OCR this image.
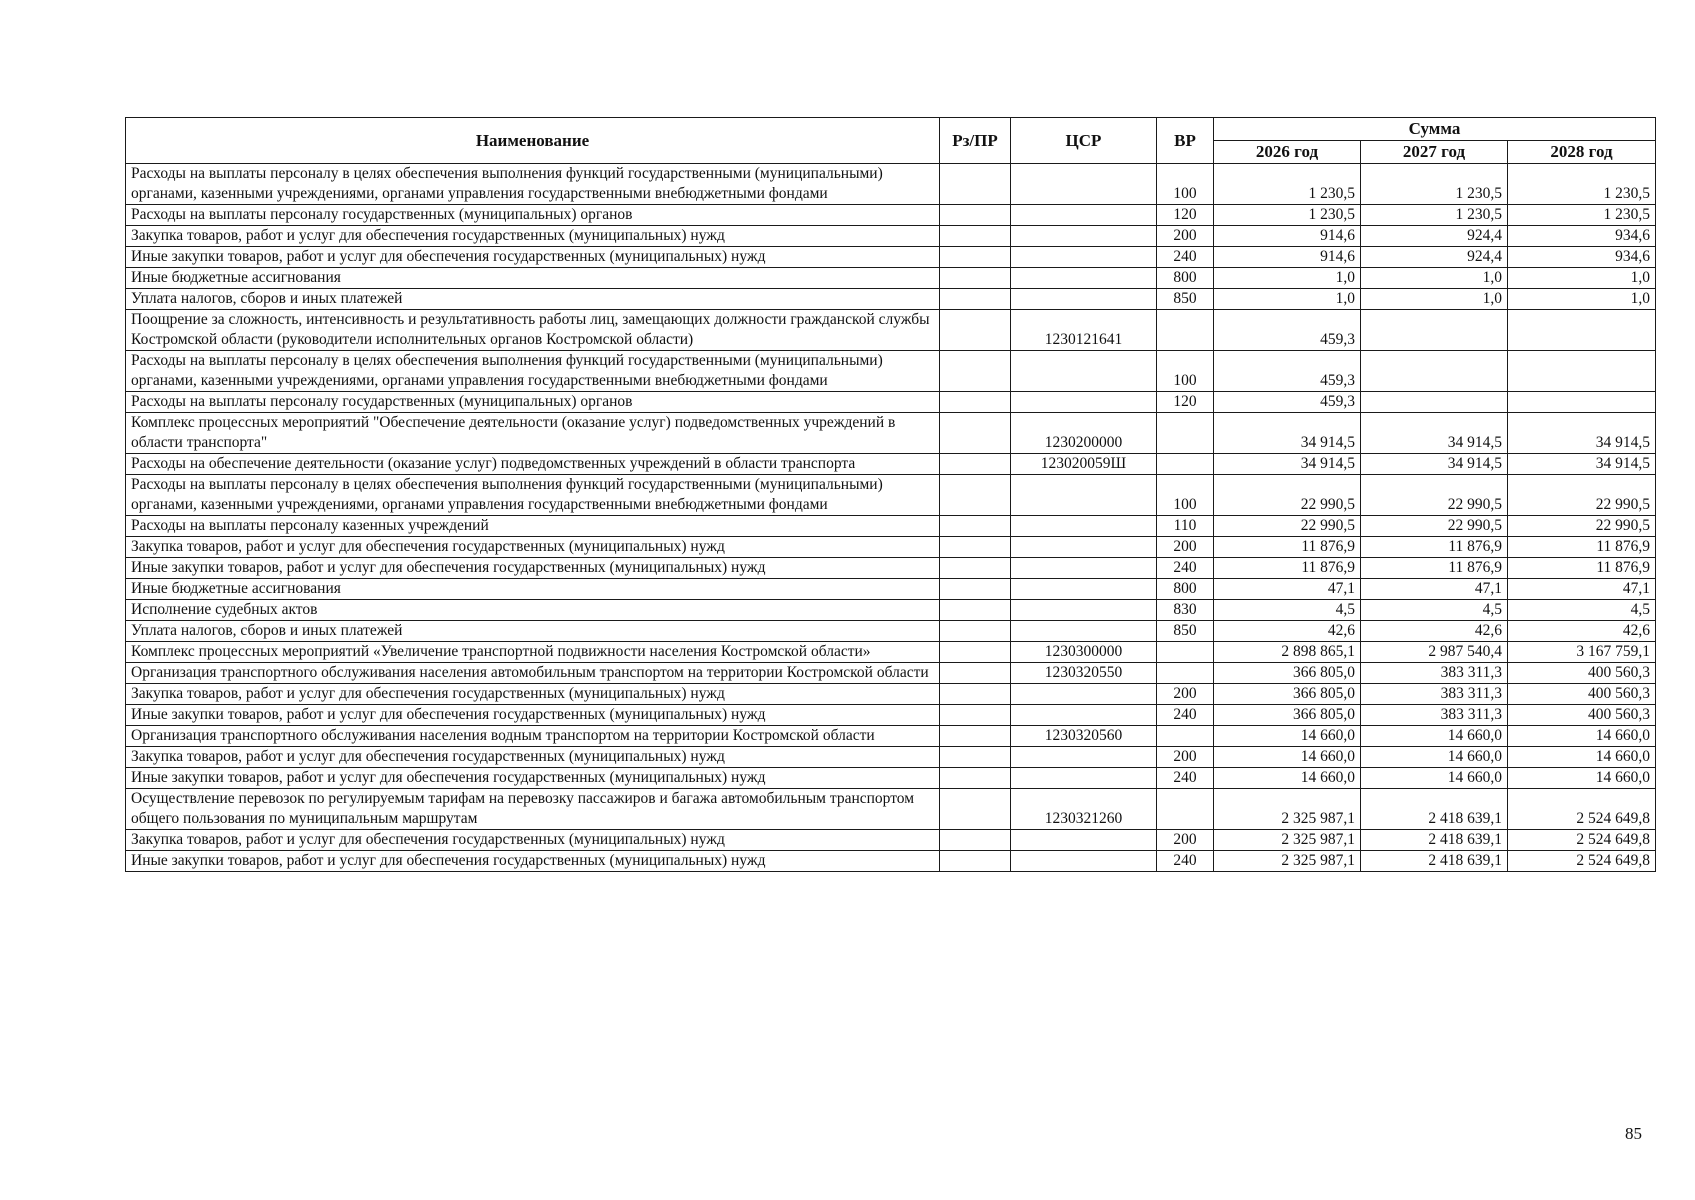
Наименование	Рз/ПР	ЦСР	ВР	Сумма		
				2026 год	2027 год	2028 год
Расходы на выплаты персоналу в целях обеспечения выполнения функций государственными (муниципальными) органами, казенными учреждениями, органами управления государственными внебюджетными фондами			100	1 230,5	1 230,5	1 230,5
Расходы на выплаты персоналу государственных (муниципальных) органов			120	1 230,5	1 230,5	1 230,5
Закупка товаров, работ и услуг для обеспечения государственных (муниципальных) нужд			200	914,6	924,4	934,6
Иные закупки товаров, работ и услуг для обеспечения государственных (муниципальных) нужд			240	914,6	924,4	934,6
Иные бюджетные ассигнования			800	1,0	1,0	1,0
Уплата налогов, сборов и иных платежей			850	1,0	1,0	1,0
Поощрение за сложность, интенсивность и результативность работы лиц, замещающих должности гражданской службы Костромской области (руководители исполнительных органов Костромской области)		1230121641		459,3		
Расходы на выплаты персоналу в целях обеспечения выполнения функций государственными (муниципальными) органами, казенными учреждениями, органами управления государственными внебюджетными фондами			100	459,3		
Расходы на выплаты персоналу государственных (муниципальных) органов			120	459,3		
Комплекс процессных мероприятий "Обеспечение деятельности (оказание услуг) подведомственных учреждений в области транспорта"		1230200000		34 914,5	34 914,5	34 914,5
Расходы на обеспечение деятельности (оказание услуг) подведомственных учреждений в области транспорта		123020059Ш		34 914,5	34 914,5	34 914,5
Расходы на выплаты персоналу в целях обеспечения выполнения функций государственными (муниципальными) органами, казенными учреждениями, органами управления государственными внебюджетными фондами			100	22 990,5	22 990,5	22 990,5
Расходы на выплаты персоналу казенных учреждений			110	22 990,5	22 990,5	22 990,5
Закупка товаров, работ и услуг для обеспечения государственных (муниципальных) нужд			200	11 876,9	11 876,9	11 876,9
Иные закупки товаров, работ и услуг для обеспечения государственных (муниципальных) нужд			240	11 876,9	11 876,9	11 876,9
Иные бюджетные ассигнования			800	47,1	47,1	47,1
Исполнение судебных актов			830	4,5	4,5	4,5
Уплата налогов, сборов и иных платежей			850	42,6	42,6	42,6
Комплекс процессных мероприятий «Увеличение транспортной подвижности населения Костромской области»		1230300000		2 898 865,1	2 987 540,4	3 167 759,1
Организация транспортного обслуживания населения автомобильным транспортом на территории Костромской области		1230320550		366 805,0	383 311,3	400 560,3
Закупка товаров, работ и услуг для обеспечения государственных (муниципальных) нужд			200	366 805,0	383 311,3	400 560,3
Иные закупки товаров, работ и услуг для обеспечения государственных (муниципальных) нужд			240	366 805,0	383 311,3	400 560,3
Организация транспортного обслуживания населения водным транспортом на территории Костромской области		1230320560		14 660,0	14 660,0	14 660,0
Закупка товаров, работ и услуг для обеспечения государственных (муниципальных) нужд			200	14 660,0	14 660,0	14 660,0
Иные закупки товаров, работ и услуг для обеспечения государственных (муниципальных) нужд			240	14 660,0	14 660,0	14 660,0
Осуществление перевозок по регулируемым тарифам на перевозку пассажиров и багажа автомобильным транспортом общего пользования по муниципальным маршрутам		1230321260		2 325 987,1	2 418 639,1	2 524 649,8
Закупка товаров, работ и услуг для обеспечения государственных (муниципальных) нужд			200	2 325 987,1	2 418 639,1	2 524 649,8
Иные закупки товаров, работ и услуг для обеспечения государственных (муниципальных) нужд			240	2 325 987,1	2 418 639,1	2 524 649,8
85
